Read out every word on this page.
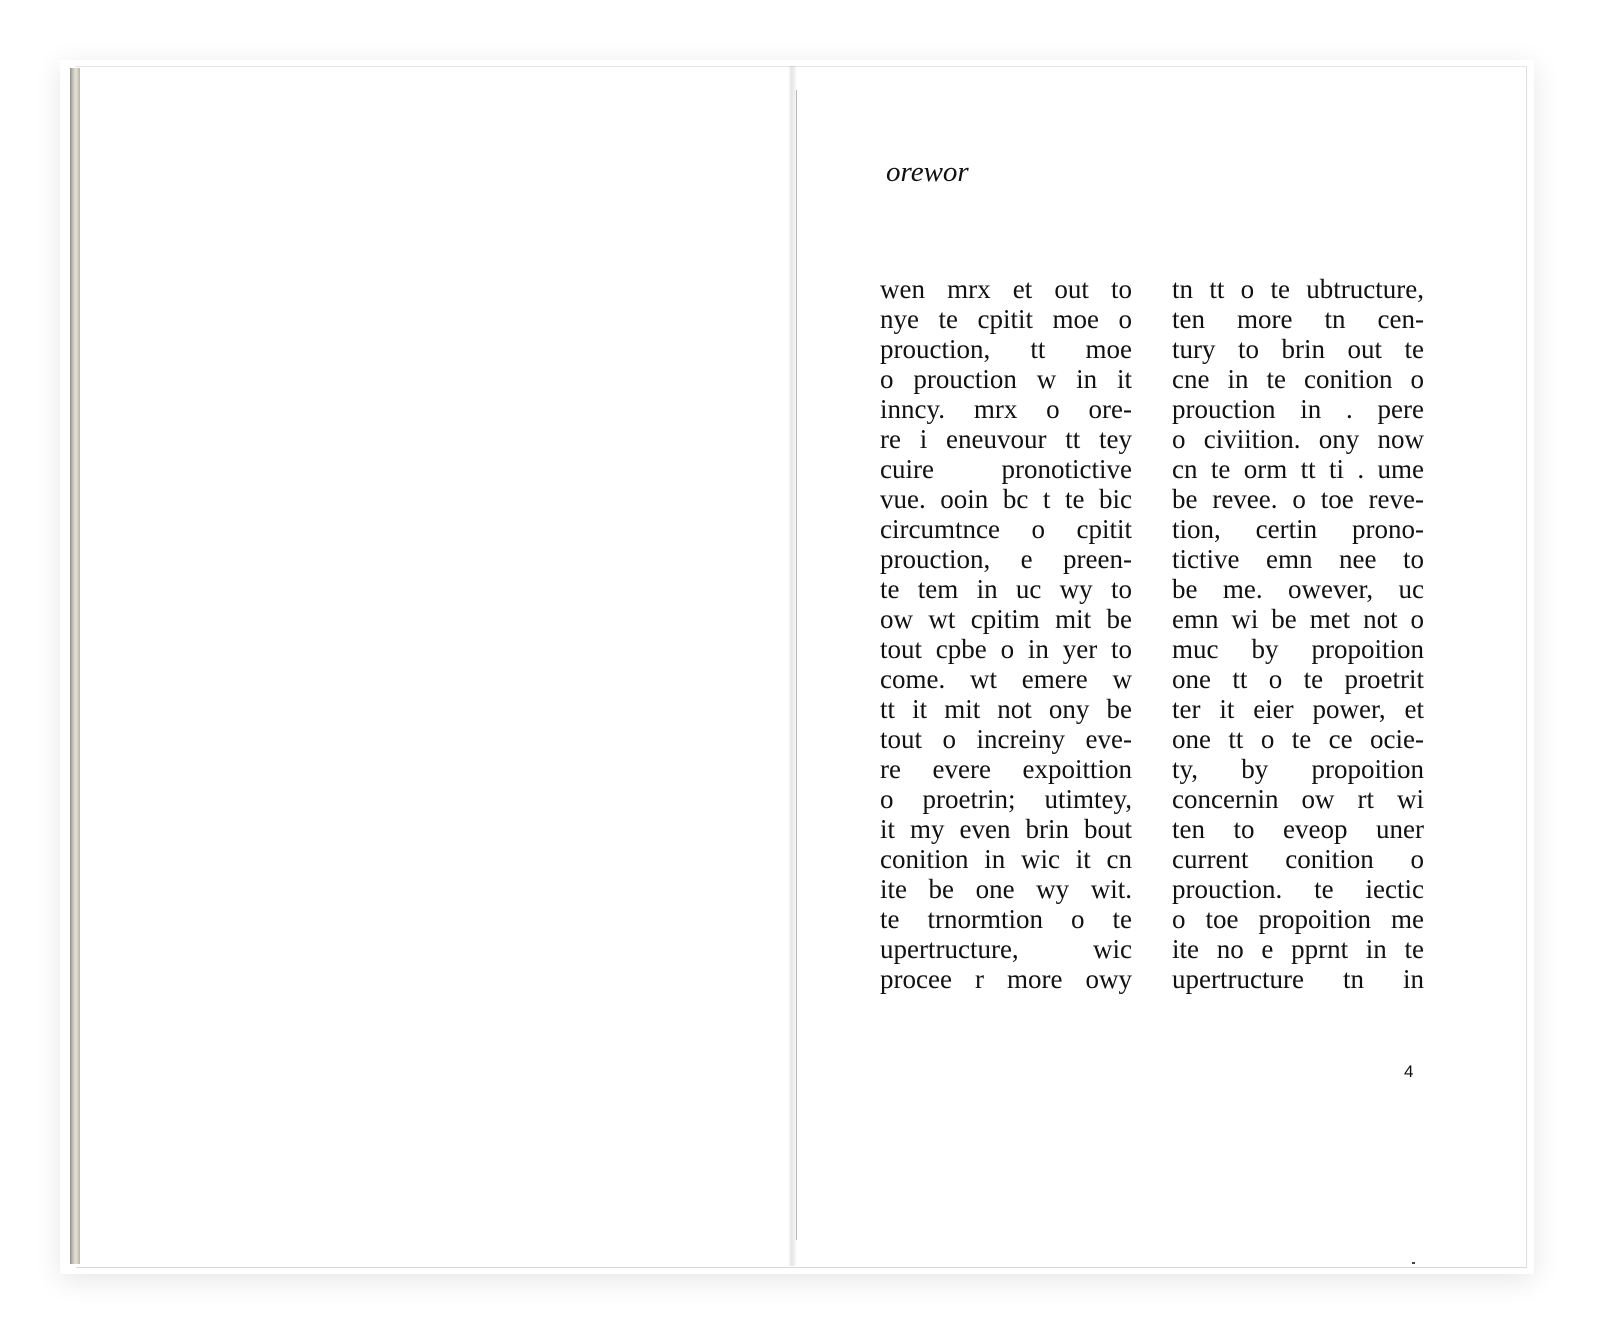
orewor
wen mrx et out to
nye te cpitit moe o
prouction, tt moe
o prouction w in it
inncy. mrx o ore-
re i eneuvour tt tey
cuire pronotictive
vue. ooin bc t te bic
circumtnce o cpitit
prouction, e preen-
te tem in uc wy to
ow wt cpitim mit be
tout cpbe o in yer to
come. wt emere w
tt it mit not ony be
tout o increiny eve-
re evere expoittion
o proetrin; utimtey,
it my even brin bout
conition in wic it cn
ite be one wy wit.
te trnormtion o te
upertructure, wic
procee r more owy
tn tt o te ubtructure,
ten more tn cen-
tury to brin out te
cne in te conition o
prouction in . pere
o civiition. ony now
cn te orm tt ti . ume
be revee. o toe reve-
tion, certin prono-
tictive emn nee to
be me. owever, uc
emn wi be met not o
muc by propoition
one tt o te proetrit
ter it eier power, et
one tt o te ce ocie-
ty, by propoition
concernin ow rt wi
ten to eveop uner
current conition o
prouction. te iectic
o toe propoition me
ite no e pprnt in te
upertructure tn in
4
